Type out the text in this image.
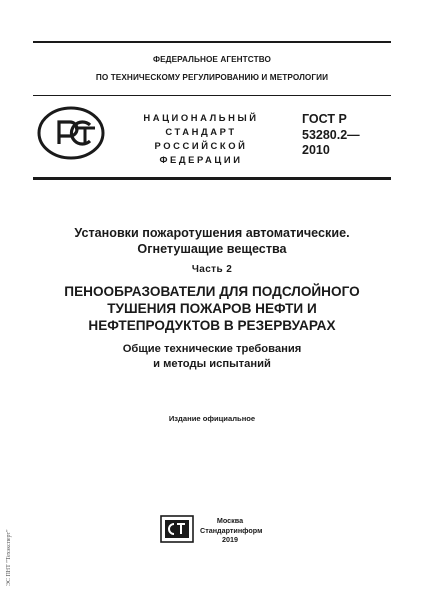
ФЕДЕРАЛЬНОЕ АГЕНТСТВО
ПО ТЕХНИЧЕСКОМУ РЕГУЛИРОВАНИЮ И МЕТРОЛОГИИ
НАЦИОНАЛЬНЫЙ
СТАНДАРТ
РОССИЙСКОЙ
ФЕДЕРАЦИИ
ГОСТ Р
53280.2—
2010
Установки пожаротушения автоматические.
Огнетушащие вещества
Часть 2
ПЕНООБРАЗОВАТЕЛИ ДЛЯ ПОДСЛОЙНОГО
ТУШЕНИЯ ПОЖАРОВ НЕФТИ И
НЕФТЕПРОДУКТОВ В РЕЗЕРВУАРАХ
Общие технические требования
и методы испытаний
Издание официальное
Москва
Стандартинформ
2019
ЭС ПНТ "Техэксперт"
